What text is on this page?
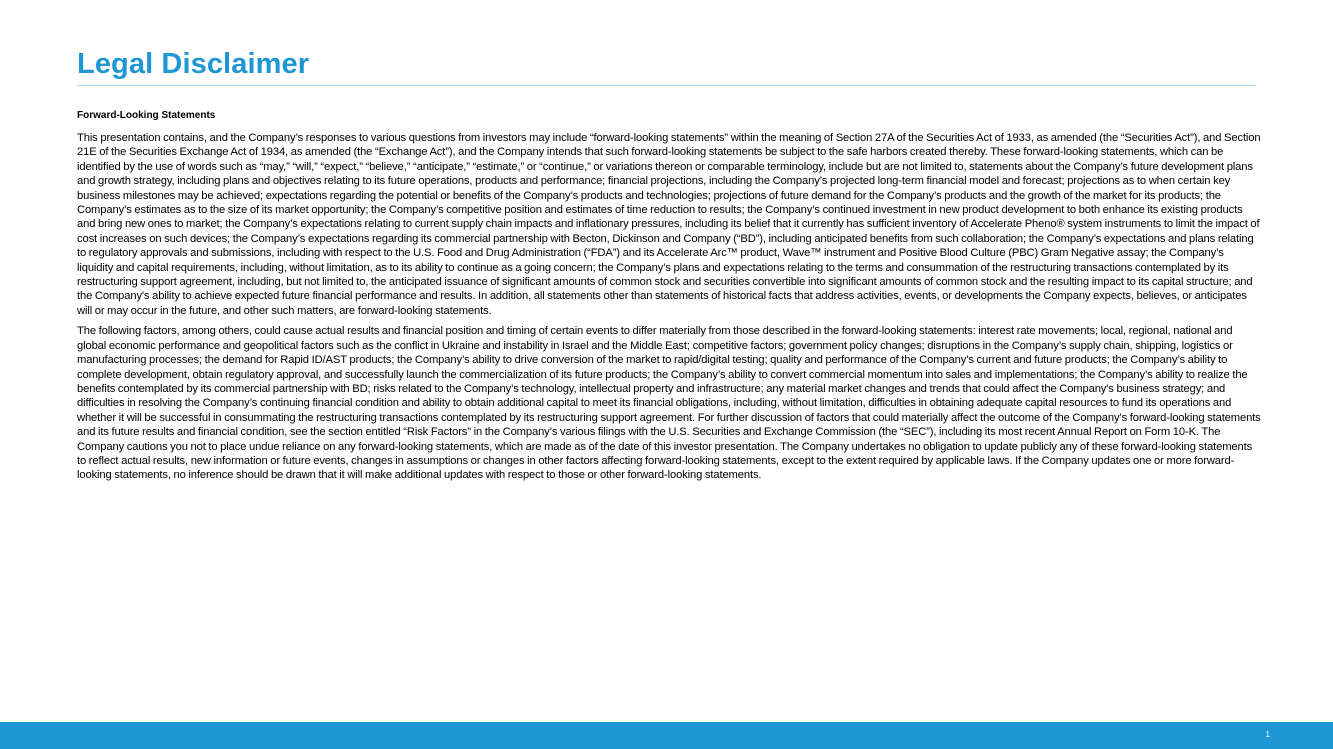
Legal Disclaimer
Forward-Looking Statements

This presentation contains, and the Company’s responses to various questions from investors may include “forward-looking statements” within the meaning of Section 27A of the Securities Act of 1933, as amended (the “Securities Act”), and Section 21E of the Securities Exchange Act of 1934, as amended (the “Exchange Act”), and the Company intends that such forward-looking statements be subject to the safe harbors created thereby. These forward-looking statements, which can be identified by the use of words such as “may,” “will,” “expect,” “believe,” “anticipate,” “estimate,” or “continue,” or variations thereon or comparable terminology, include but are not limited to, statements about the Company’s future development plans and growth strategy, including plans and objectives relating to its future operations, products and performance; financial projections, including the Company’s projected long-term financial model and forecast; projections as to when certain key business milestones may be achieved; expectations regarding the potential or benefits of the Company’s products and technologies; projections of future demand for the Company’s products and the growth of the market for its products; the Company’s estimates as to the size of its market opportunity; the Company’s competitive position and estimates of time reduction to results; the Company’s continued investment in new product development to both enhance its existing products and bring new ones to market; the Company’s expectations relating to current supply chain impacts and inflationary pressures, including its belief that it currently has sufficient inventory of Accelerate Pheno® system instruments to limit the impact of cost increases on such devices; the Company’s expectations regarding its commercial partnership with Becton, Dickinson and Company (“BD”), including anticipated benefits from such collaboration; the Company’s expectations and plans relating to regulatory approvals and submissions, including with respect to the U.S. Food and Drug Administration (“FDA”) and its Accelerate Arc™ product, Wave™ instrument and Positive Blood Culture (PBC) Gram Negative assay; the Company’s liquidity and capital requirements, including, without limitation, as to its ability to continue as a going concern; the Company’s plans and expectations relating to the terms and consummation of the restructuring transactions contemplated by its restructuring support agreement, including, but not limited to, the anticipated issuance of significant amounts of common stock and securities convertible into significant amounts of common stock and the resulting impact to its capital structure; and the Company's ability to achieve expected future financial performance and results. In addition, all statements other than statements of historical facts that address activities, events, or developments the Company expects, believes, or anticipates will or may occur in the future, and other such matters, are forward-looking statements.

The following factors, among others, could cause actual results and financial position and timing of certain events to differ materially from those described in the forward-looking statements: interest rate movements; local, regional, national and global economic performance and geopolitical factors such as the conflict in Ukraine and instability in Israel and the Middle East; competitive factors; government policy changes; disruptions in the Company’s supply chain, shipping, logistics or manufacturing processes; the demand for Rapid ID/AST products; the Company’s ability to drive conversion of the market to rapid/digital testing; quality and performance of the Company’s current and future products; the Company’s ability to complete development, obtain regulatory approval, and successfully launch the commercialization of its future products; the Company’s ability to convert commercial momentum into sales and implementations; the Company’s ability to realize the benefits contemplated by its commercial partnership with BD; risks related to the Company’s technology, intellectual property and infrastructure; any material market changes and trends that could affect the Company's business strategy; and difficulties in resolving the Company’s continuing financial condition and ability to obtain additional capital to meet its financial obligations, including, without limitation, difficulties in obtaining adequate capital resources to fund its operations and whether it will be successful in consummating the restructuring transactions contemplated by its restructuring support agreement. For further discussion of factors that could materially affect the outcome of the Company’s forward-looking statements and its future results and financial condition, see the section entitled “Risk Factors” in the Company’s various filings with the U.S. Securities and Exchange Commission (the “SEC”), including its most recent Annual Report on Form 10-K. The Company cautions you not to place undue reliance on any forward-looking statements, which are made as of the date of this investor presentation. The Company undertakes no obligation to update publicly any of these forward-looking statements to reflect actual results, new information or future events, changes in assumptions or changes in other factors affecting forward-looking statements, except to the extent required by applicable laws. If the Company updates one or more forward-looking statements, no inference should be drawn that it will make additional updates with respect to those or other forward-looking statements.

1
